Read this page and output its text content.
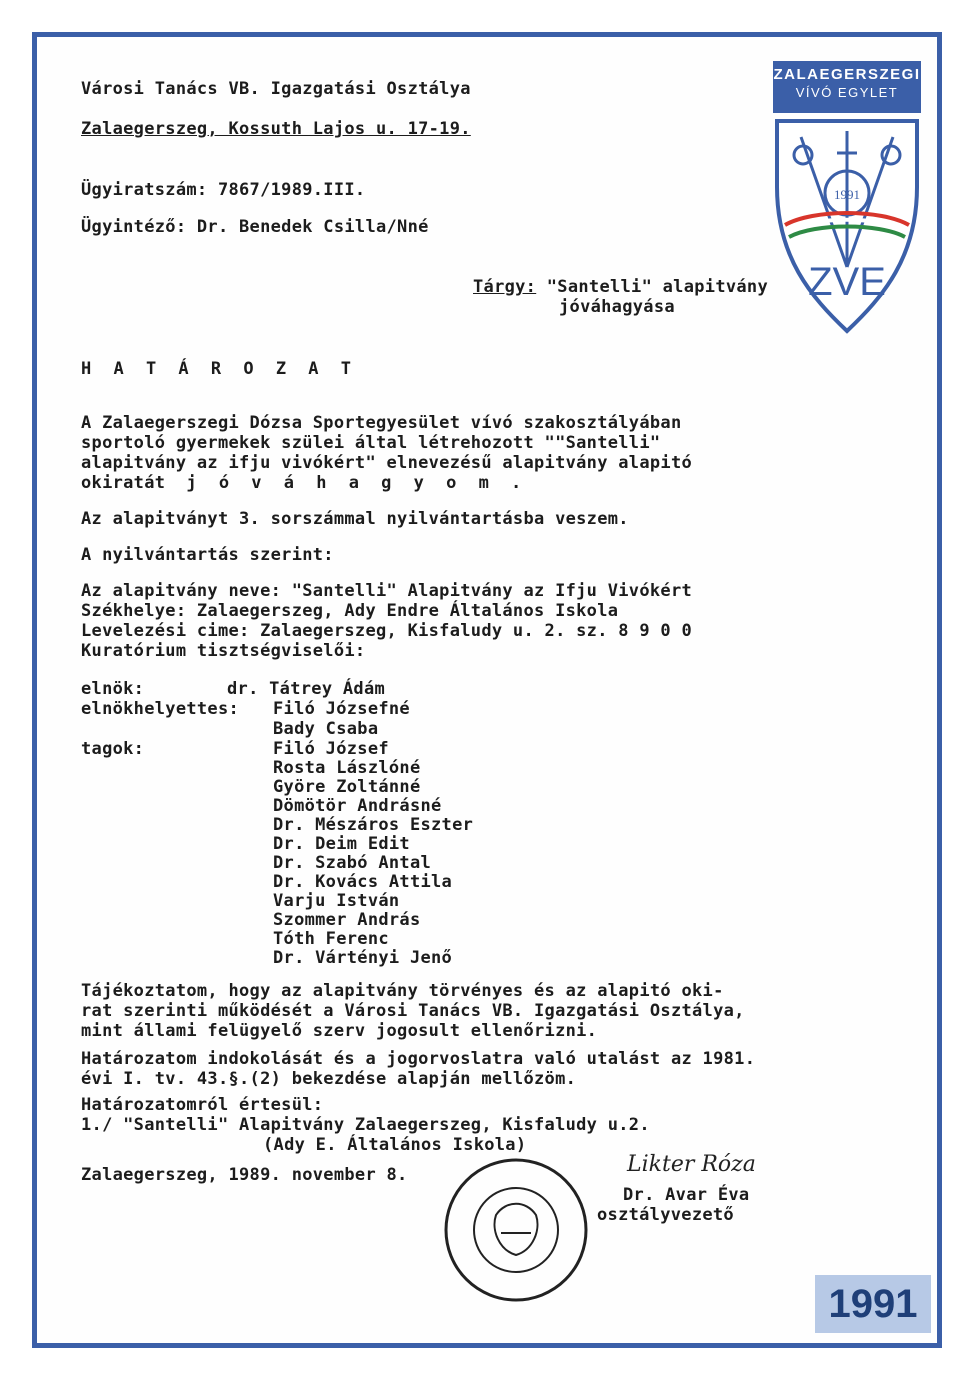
Városi Tanács VB. Igazgatási Osztálya
Zalaegerszeg, Kossuth Lajos u. 17-19.
Ügyiratszám: 7867/1989.III.
Ügyintéző: Dr. Benedek Csilla/Nné
Tárgy: "Santelli" alapitvány
jóváhagyása
ZALAEGERSZEGI
VÍVÓ EGYLET
1991
ZVE
H A T Á R O Z A T
A Zalaegerszegi Dózsa Sportegyesület vívó szakosztályában
sportoló gyermekek szülei által létrehozott ""Santelli"
alapitvány az ifju vivókért" elnevezésű alapitvány alapitó
okiratát j ó v á h a g y o m .
Az alapitványt 3. sorszámmal nyilvántartásba veszem.
A nyilvántartás szerint:
Az alapitvány neve: "Santelli" Alapitvány az Ifju Vivókért
Székhelye: Zalaegerszeg, Ady Endre Általános Iskola
Levelezési cime: Zalaegerszeg, Kisfaludy u. 2. sz. 8 9 0 0
Kuratórium tisztségviselői:
elnök:	dr. Tátrey Ádám
elnökhelyettes: Filó Józsefné
Bady Csaba
tagok:	Filó József
Rosta Lászlóné
Györe Zoltánné
Dömötör Andrásné
Dr. Mészáros Eszter
Dr. Deim Edit
Dr. Szabó Antal
Dr. Kovács Attila
Varju István
Szommer András
Tóth Ferenc
Dr. Vártényi Jenő
Tájékoztatom, hogy az alapitvány törvényes és az alapitó oki-
rat szerinti működését a Városi Tanács VB. Igazgatási Osztálya,
mint állami felügyelő szerv jogosult ellenőrizni.
Határozatom indokolását és a jogorvoslatra való utalást az 1981.
évi I. tv. 43.§.(2) bekezdése alapján mellőzöm.
Határozatomról értesül:
1./ "Santelli" Alapitvány Zalaegerszeg, Kisfaludy u.2.
(Ady E. Általános Iskola)
Zalaegerszeg, 1989. november 8.
Dr. Avar Éva
osztályvezető
Likter Róza
1991
